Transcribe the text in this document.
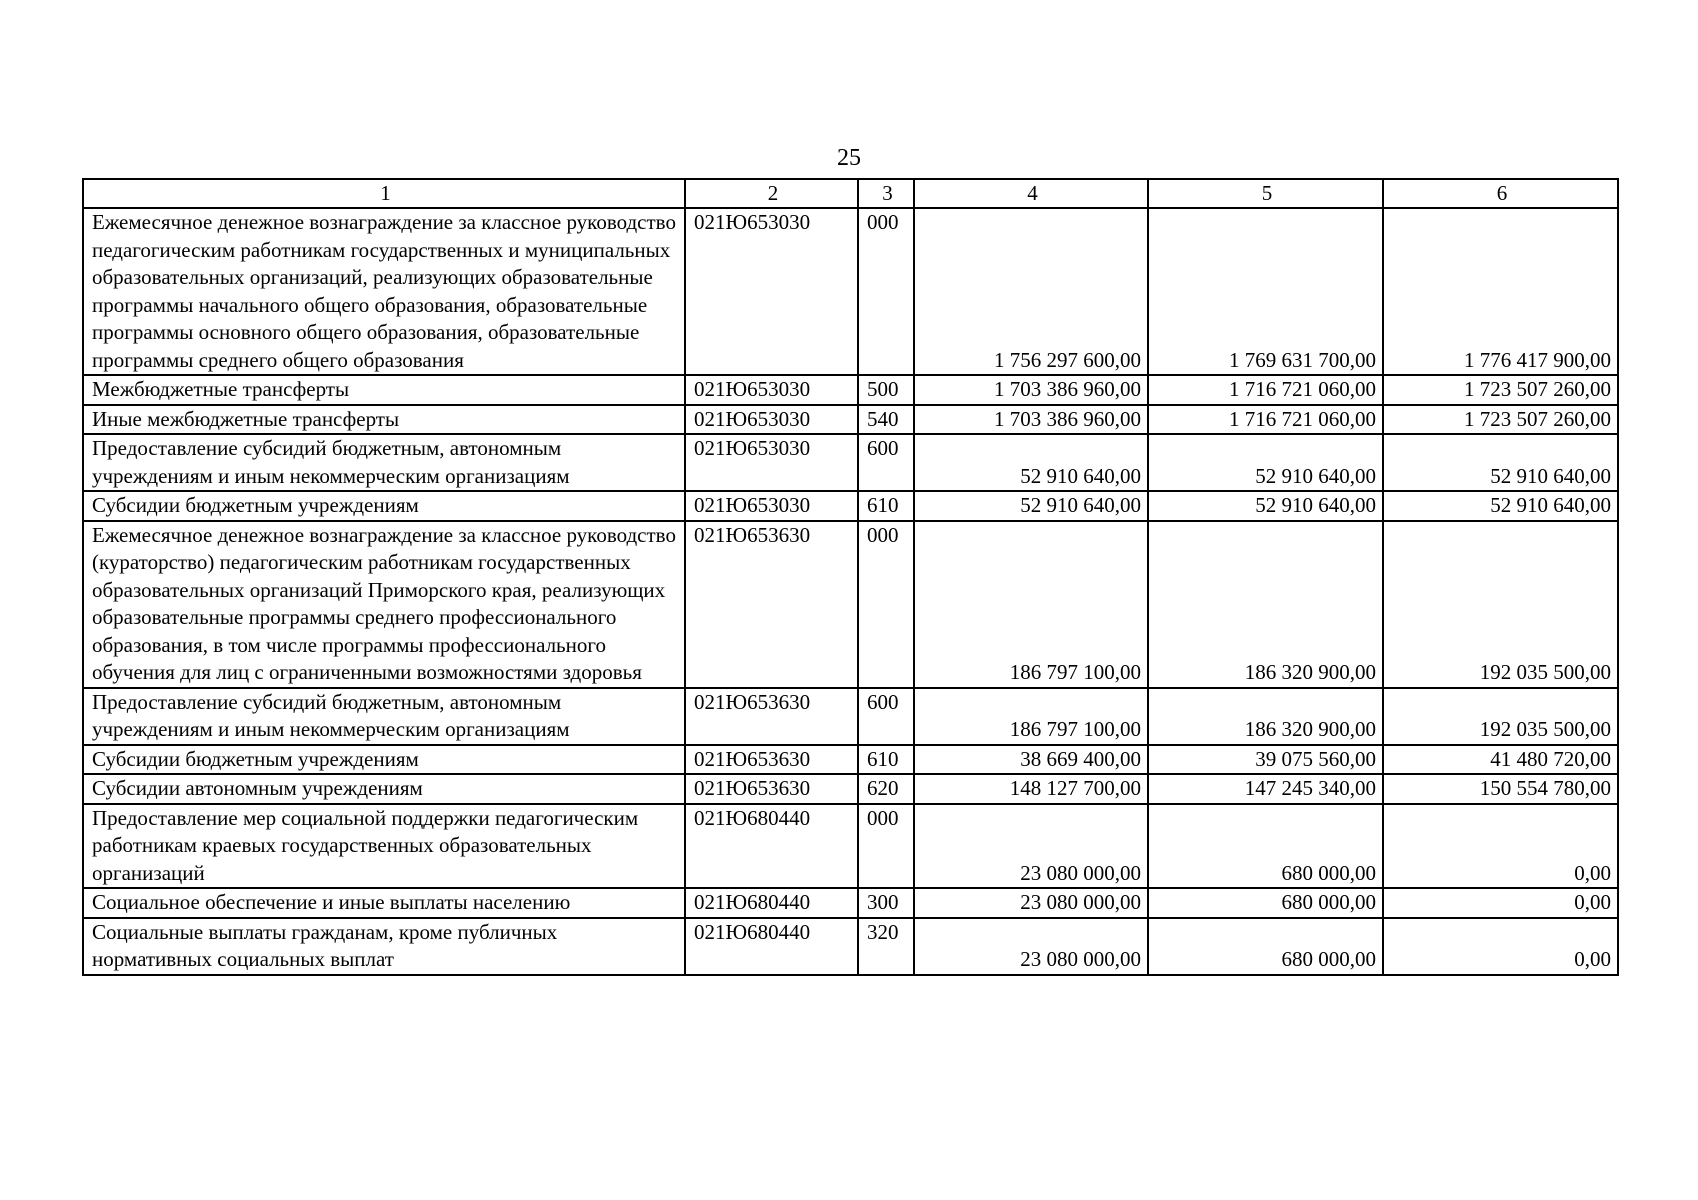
25
1	2	3	4	5	6
Ежемесячное денежное вознаграждение за классное руководство педагогическим работникам государственных и муниципальных образовательных организаций, реализующих образовательные программы начального общего образования, образовательные программы основного общего образования, образовательные программы среднего общего образования	021Ю653030	000	1 756 297 600,00	1 769 631 700,00	1 776 417 900,00
Межбюджетные трансферты	021Ю653030	500	1 703 386 960,00	1 716 721 060,00	1 723 507 260,00
Иные межбюджетные трансферты	021Ю653030	540	1 703 386 960,00	1 716 721 060,00	1 723 507 260,00
Предоставление субсидий бюджетным, автономным учреждениям и иным некоммерческим организациям	021Ю653030	600	52 910 640,00	52 910 640,00	52 910 640,00
Субсидии бюджетным учреждениям	021Ю653030	610	52 910 640,00	52 910 640,00	52 910 640,00
Ежемесячное денежное вознаграждение за классное руководство (кураторство) педагогическим работникам государственных образовательных организаций Приморского края, реализующих образовательные программы среднего профессионального образования, в том числе программы профессионального обучения для лиц с ограниченными возможностями здоровья	021Ю653630	000	186 797 100,00	186 320 900,00	192 035 500,00
Предоставление субсидий бюджетным, автономным учреждениям и иным некоммерческим организациям	021Ю653630	600	186 797 100,00	186 320 900,00	192 035 500,00
Субсидии бюджетным учреждениям	021Ю653630	610	38 669 400,00	39 075 560,00	41 480 720,00
Субсидии автономным учреждениям	021Ю653630	620	148 127 700,00	147 245 340,00	150 554 780,00
Предоставление мер социальной поддержки педагогическим работникам краевых государственных образовательных организаций	021Ю680440	000	23 080 000,00	680 000,00	0,00
Социальное обеспечение и иные выплаты населению	021Ю680440	300	23 080 000,00	680 000,00	0,00
Социальные выплаты гражданам, кроме публичных нормативных социальных выплат	021Ю680440	320	23 080 000,00	680 000,00	0,00
